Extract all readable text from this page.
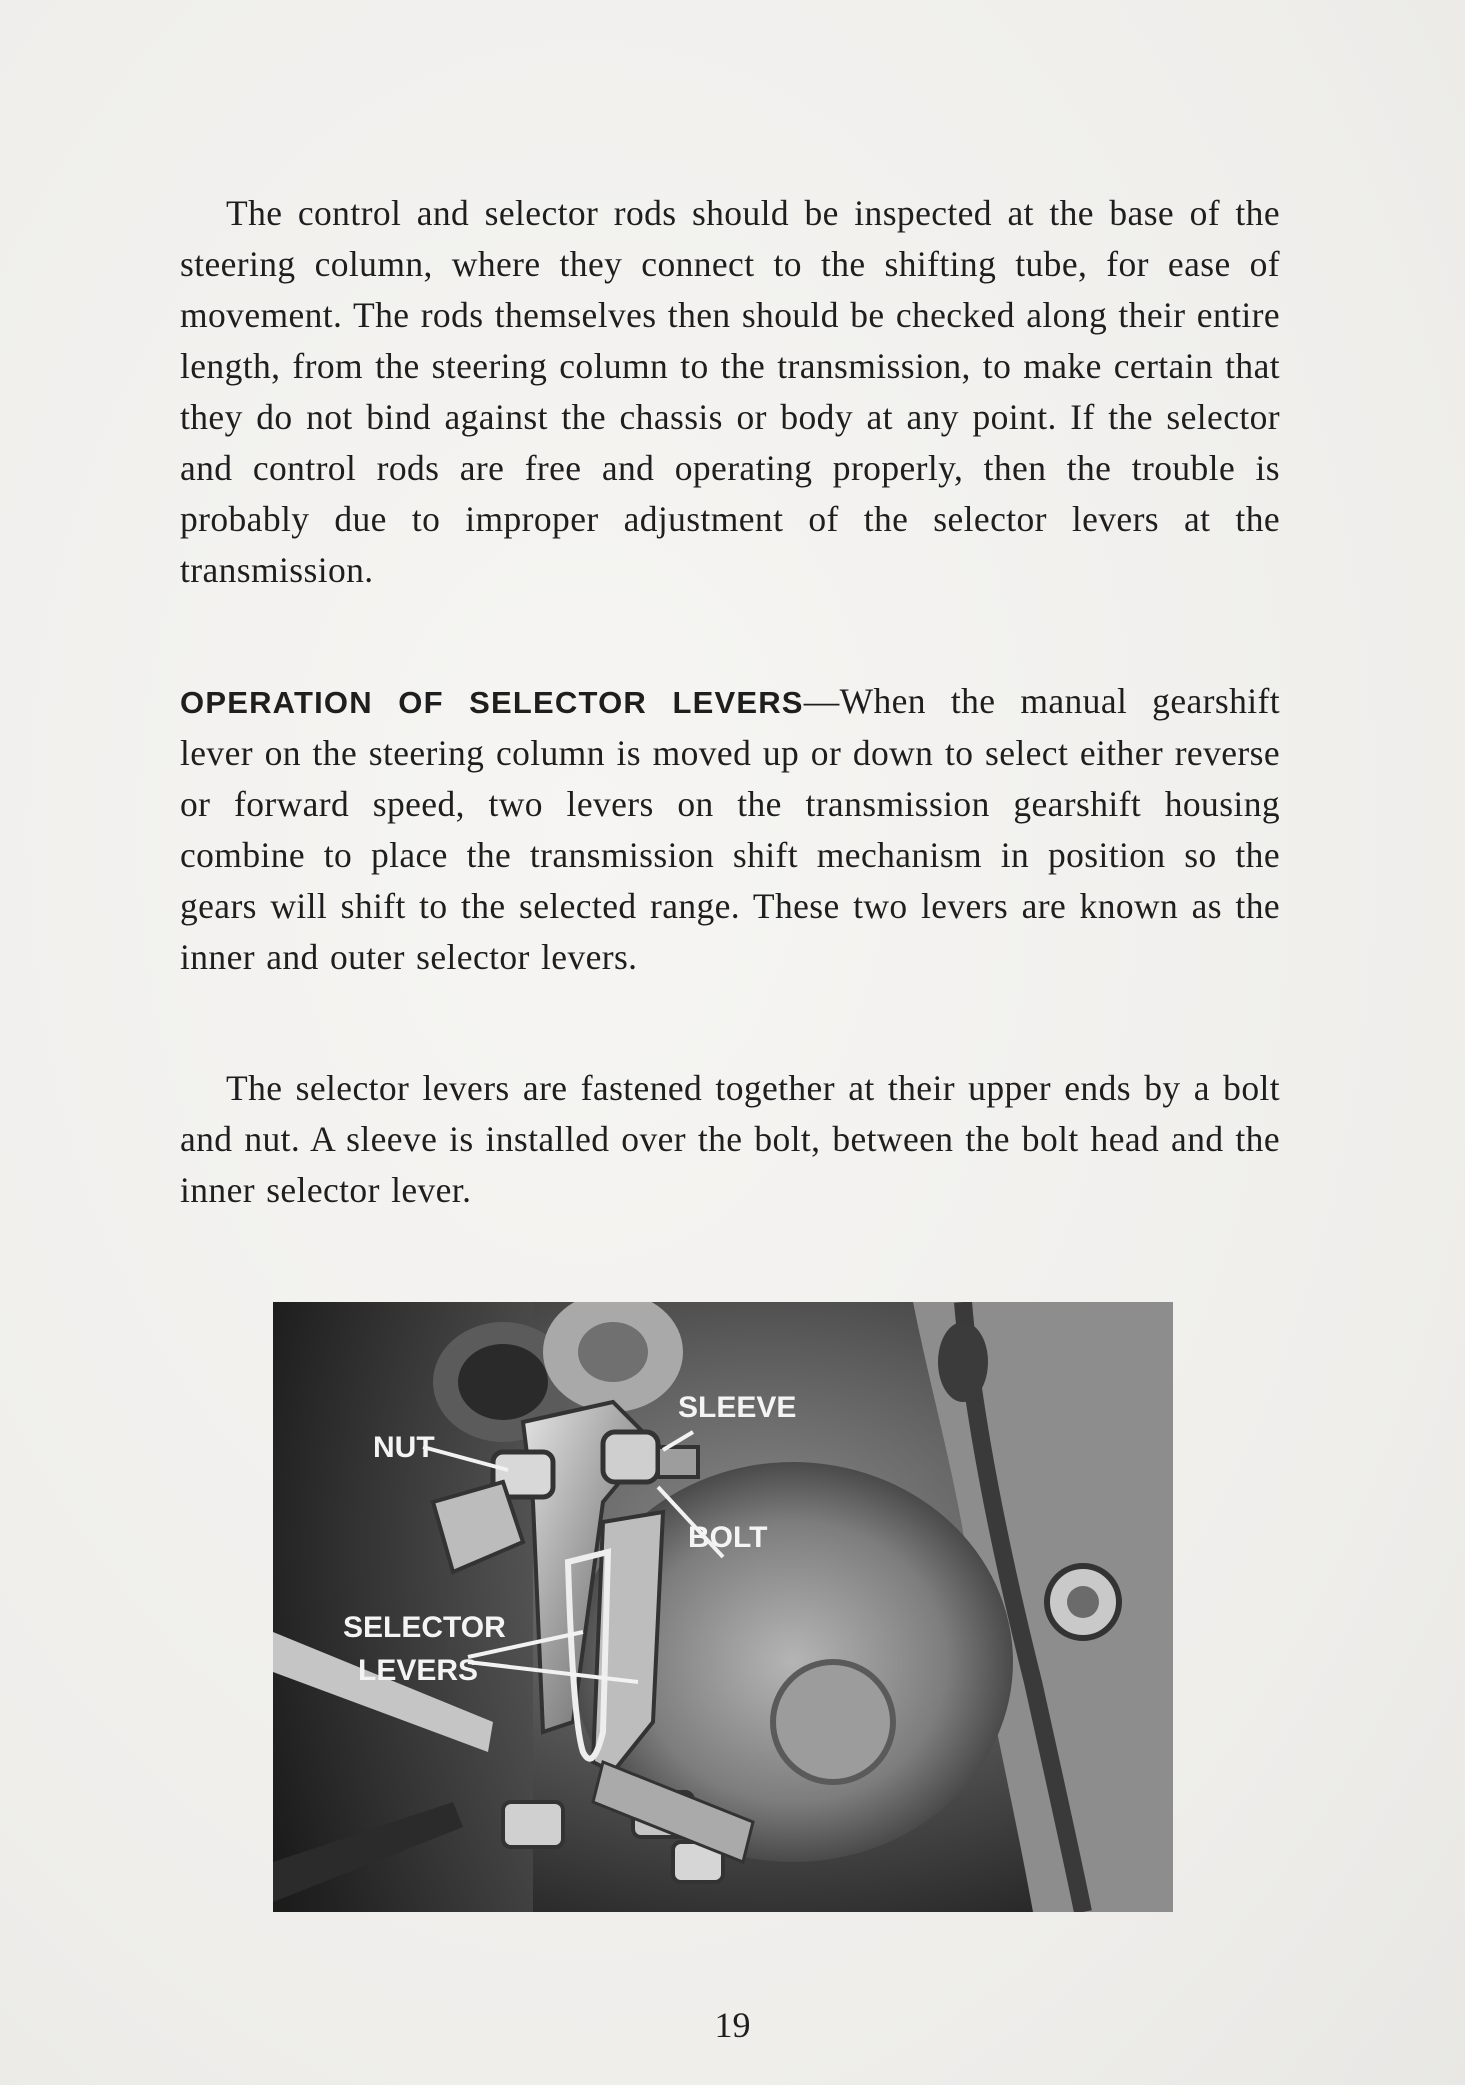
The control and selector rods should be inspected at the base of the steering column, where they connect to the shifting tube, for ease of movement. The rods themselves then should be checked along their entire length, from the steering column to the transmission, to make certain that they do not bind against the chassis or body at any point. If the selector and control rods are free and operating properly, then the trouble is probably due to improper adjustment of the selector levers at the transmission.

OPERATION OF SELECTOR LEVERS—When the manual gearshift lever on the steering column is moved up or down to select either reverse or forward speed, two levers on the transmission gearshift housing combine to place the transmission shift mechanism in position so the gears will shift to the selected range. These two levers are known as the inner and outer selector levers.

The selector levers are fastened together at their upper ends by a bolt and nut. A sleeve is installed over the bolt, between the bolt head and the inner selector lever.

NUT
SLEEVE
BOLT
SELECTOR
LEVERS
19
